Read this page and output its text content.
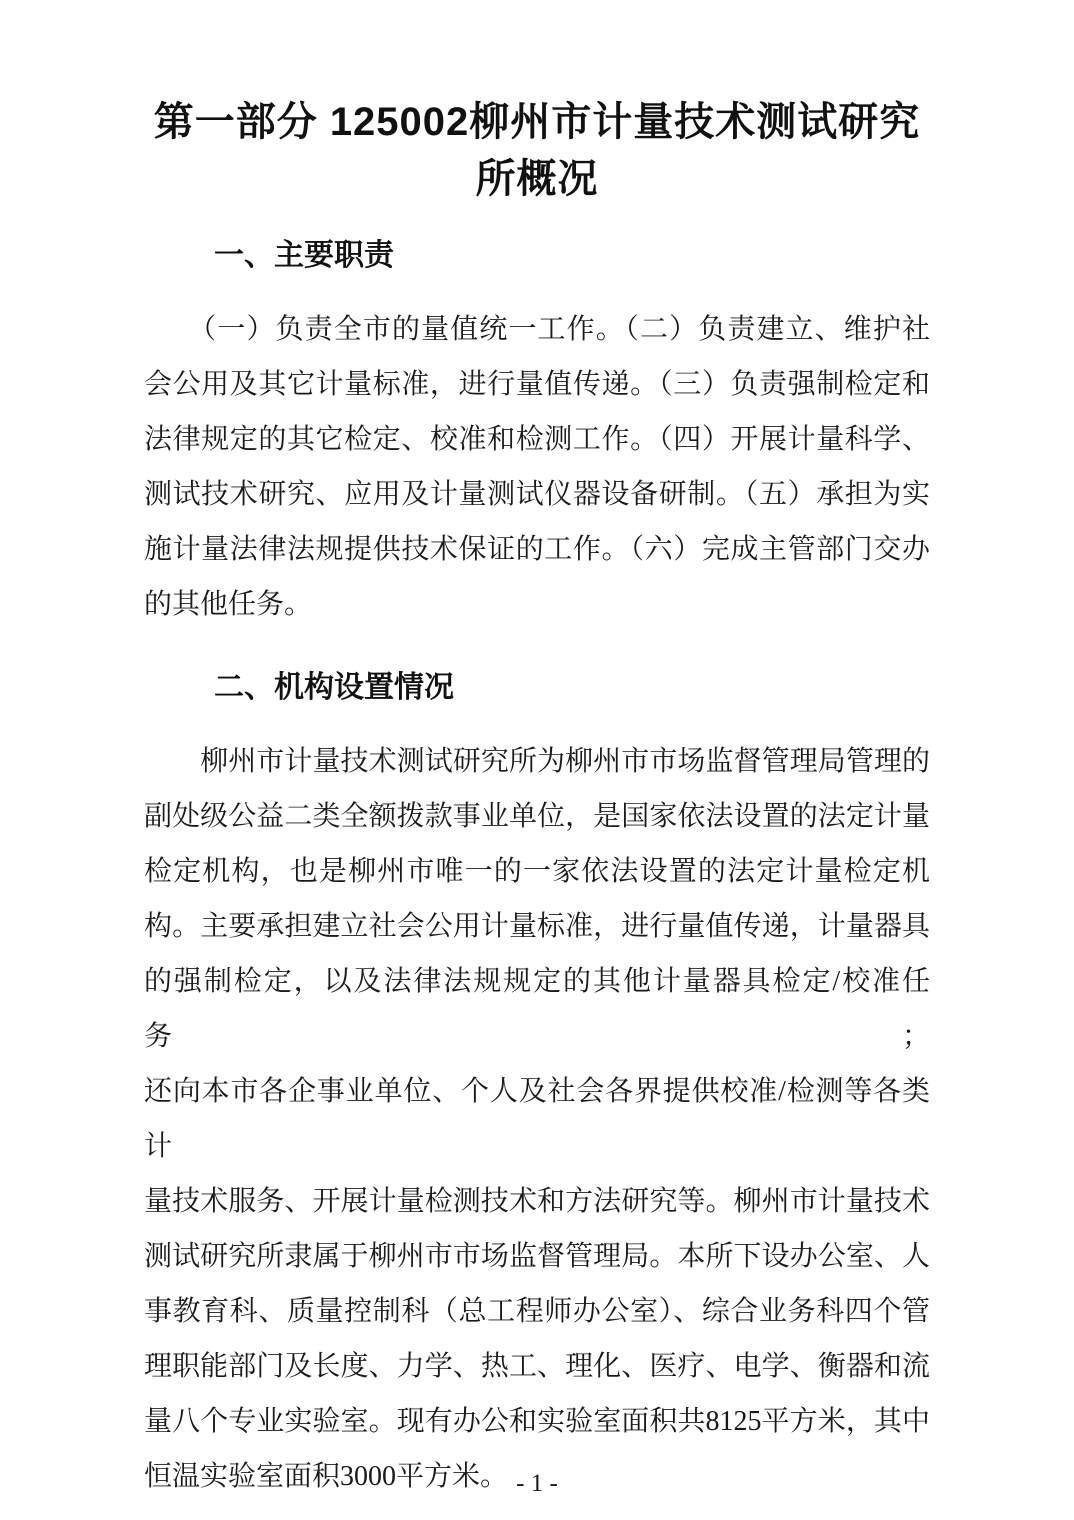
第一部分 125002柳州市计量技术测试研究
所概况
一、主要职责
　　（一）负责全市的量值统一工作。（二）负责建立、维护社
会公用及其它计量标准，进行量值传递。（三）负责强制检定和
法律规定的其它检定、校准和检测工作。（四）开展计量科学、
测试技术研究、应用及计量测试仪器设备研制。（五）承担为实
施计量法律法规提供技术保证的工作。（六）完成主管部门交办
的其他任务。
二、机构设置情况
　　柳州市计量技术测试研究所为柳州市市场监督管理局管理的
副处级公益二类全额拨款事业单位，是国家依法设置的法定计量
检定机构，也是柳州市唯一的一家依法设置的法定计量检定机
构。主要承担建立社会公用计量标准，进行量值传递，计量器具
的强制检定，以及法律法规规定的其他计量器具检定/校准任务；
还向本市各企事业单位、个人及社会各界提供校准/检测等各类计
量技术服务、开展计量检测技术和方法研究等。柳州市计量技术
测试研究所隶属于柳州市市场监督管理局。本所下设办公室、人
事教育科、质量控制科（总工程师办公室）、综合业务科四个管
理职能部门及长度、力学、热工、理化、医疗、电学、衡器和流
量八个专业实验室。现有办公和实验室面积共8125平方米，其中
恒温实验室面积3000平方米。 - 1 -
